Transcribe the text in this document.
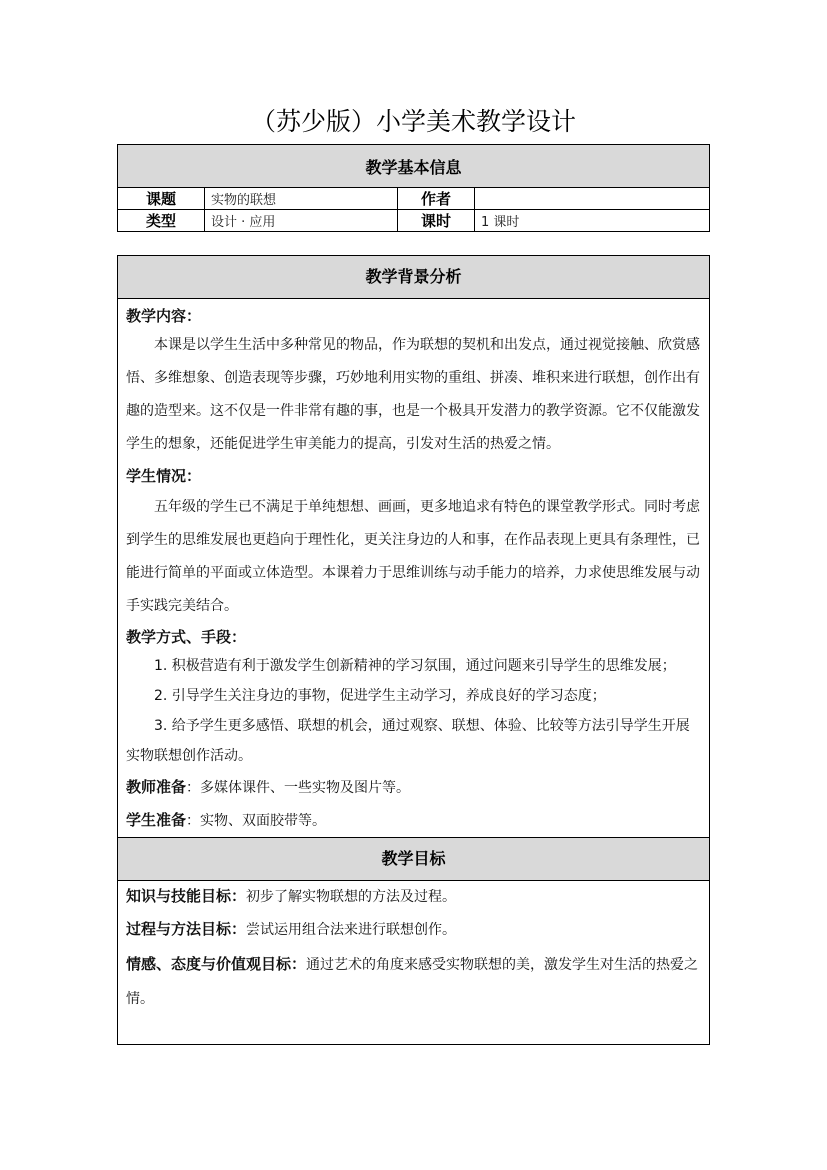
（苏少版）小学美术教学设计
教学基本信息			
课题	实物的联想	作者	
类型	设计 · 应用	课时	1 课时
教学背景分析
教学内容：
本课是以学生生活中多种常见的物品，作为联想的契机和出发点，通过视觉接触、欣赏感悟、多维想象、创造表现等步骤，巧妙地利用实物的重组、拼凑、堆积来进行联想，创作出有趣的造型来。这不仅是一件非常有趣的事，也是一个极具开发潜力的教学资源。它不仅能激发学生的想象，还能促进学生审美能力的提高，引发对生活的热爱之情。
学生情况：
五年级的学生已不满足于单纯想想、画画，更多地追求有特色的课堂教学形式。同时考虑到学生的思维发展也更趋向于理性化，更关注身边的人和事，在作品表现上更具有条理性，已能进行简单的平面或立体造型。本课着力于思维训练与动手能力的培养，力求使思维发展与动手实践完美结合。
教学方式、手段：
1. 积极营造有利于激发学生创新精神的学习氛围，通过问题来引导学生的思维发展；
2. 引导学生关注身边的事物，促进学生主动学习，养成良好的学习态度；
3. 给予学生更多感悟、联想的机会，通过观察、联想、体验、比较等方法引导学生开展实物联想创作活动。
教师准备：多媒体课件、一些实物及图片等。
学生准备：实物、双面胶带等。
教学目标
知识与技能目标：初步了解实物联想的方法及过程。
过程与方法目标：尝试运用组合法来进行联想创作。
情感、态度与价值观目标：通过艺术的角度来感受实物联想的美，激发学生对生活的热爱之情。
